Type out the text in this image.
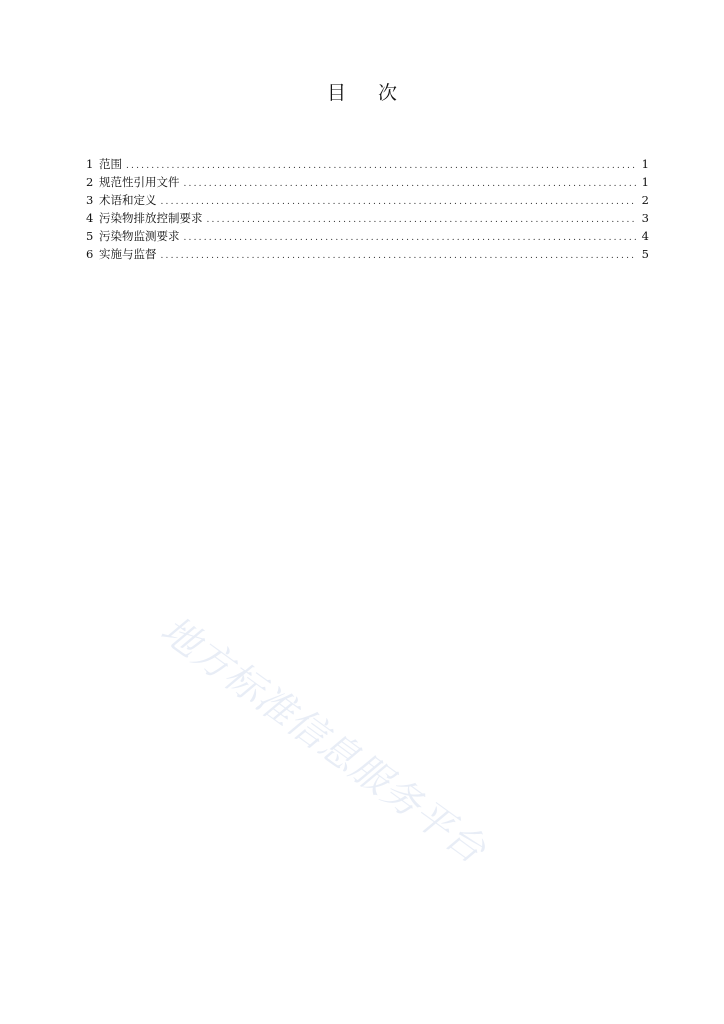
目 次
1 范围 .....	1
2 规范性引用文件 .....	1
3 术语和定义 .....	2
4 污染物排放控制要求 .....	3
5 污染物监测要求 .....	4
6 实施与监督 .....	5
地方标准信息服务平台
